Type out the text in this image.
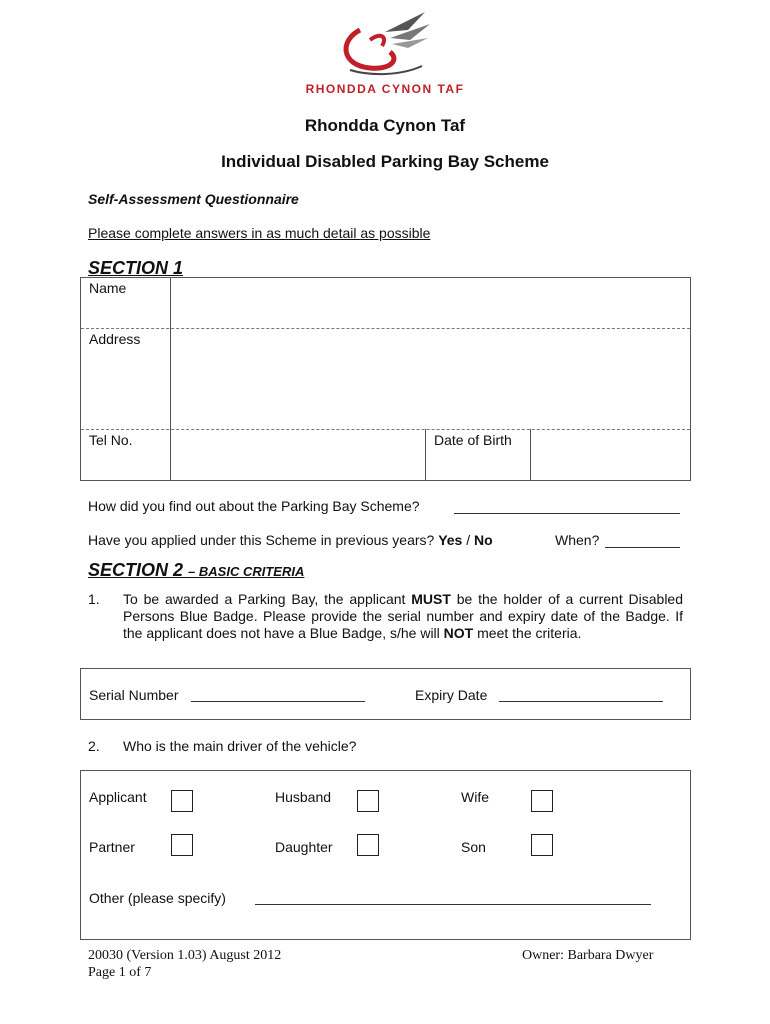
RHONDDA CYNON TAF
Rhondda Cynon Taf
Individual Disabled Parking Bay Scheme
Self-Assessment Questionnaire
Please complete answers in as much detail as possible
SECTION 1
Name
Address
Tel No.	Date of Birth
How did you find out about the Parking Bay Scheme?
Have you applied under this Scheme in previous years? Yes / No	When?
SECTION 2 – BASIC CRITERIA
1. To be awarded a Parking Bay, the applicant MUST be the holder of a current Disabled Persons Blue Badge. Please provide the serial number and expiry date of the Badge. If the applicant does not have a Blue Badge, s/he will NOT meet the criteria.
Serial Number	Expiry Date
2. Who is the main driver of the vehicle?
Applicant	Husband	Wife
Partner	Daughter	Son
Other (please specify)
20030 (Version 1.03) August 2012
Page 1 of 7
Owner: Barbara Dwyer
